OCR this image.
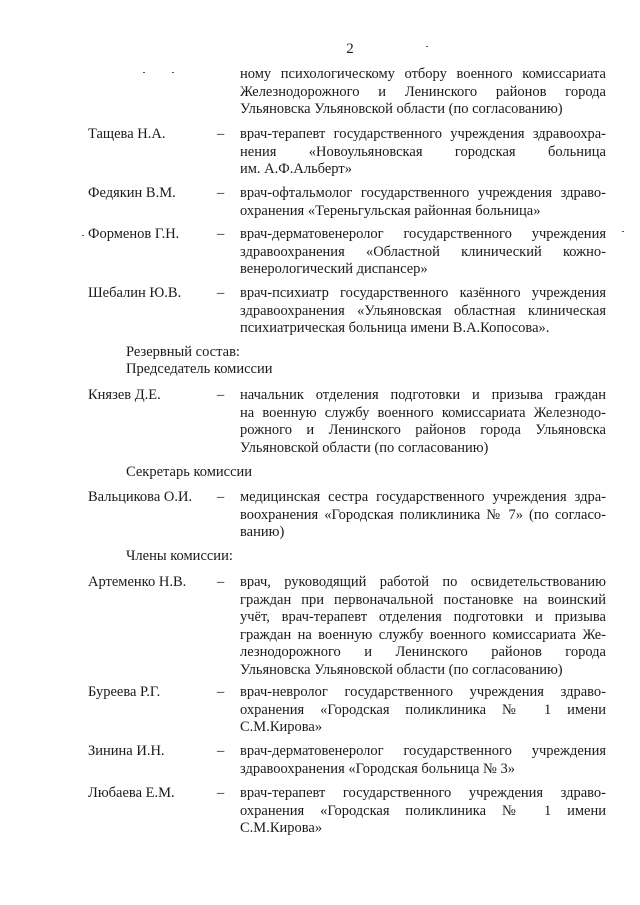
2
ному психологическому отбору военного комиссариата
Железнодорожного и Ленинского районов города
Ульяновска Ульяновской области (по согласованию)
Тащева Н.А.	– врач-терапевт государственного учреждения здравоохра-
нения «Новоульяновская городская больница
им. А.Ф.Альберт»
Федякин В.М.	– врач-офтальмолог государственного учреждения здраво-
охранения «Тереньгульская районная больница»
Форменов Г.Н.	– врач-дерматовенеролог государственного учреждения
здравоохранения «Областной клинический кожно-
венерологический диспансер»
Шебалин Ю.В. – врач-психиатр государственного казённого учреждения
здравоохранения «Ульяновская областная клиническая
психиатрическая больница имени В.А.Копосова».
Резервный состав:
Председатель комиссии
Князев Д.Е.	– начальник отделения подготовки и призыва граждан
на военную службу военного комиссариата Железнодо-
рожного и Ленинского районов города Ульяновска
Ульяновской области (по согласованию)
Секретарь комиссии
Вальцикова О.И. – медицинская сестра государственного учреждения здра-
воохранения «Городская поликлиника № 7» (по согласо-
ванию)
Члены комиссии:
Артеменко Н.В. – врач, руководящий работой по освидетельствованию
граждан при первоначальной постановке на воинский
учёт, врач-терапевт отделения подготовки и призыва
граждан на военную службу военного комиссариата Же-
лезнодорожного и Ленинского районов города
Ульяновска Ульяновской области (по согласованию)
Буреева Р.Г.	– врач-невролог государственного учреждения здраво-
охранения «Городская поликлиника № 1 имени
С.М.Кирова»
Зинина И.Н.	– врач-дерматовенеролог государственного учреждения
здравоохранения «Городская больница № 3»
Любаева Е.М.	– врач-терапевт государственного учреждения здраво-
охранения «Городская поликлиника № 1 имени
С.М.Кирова»
